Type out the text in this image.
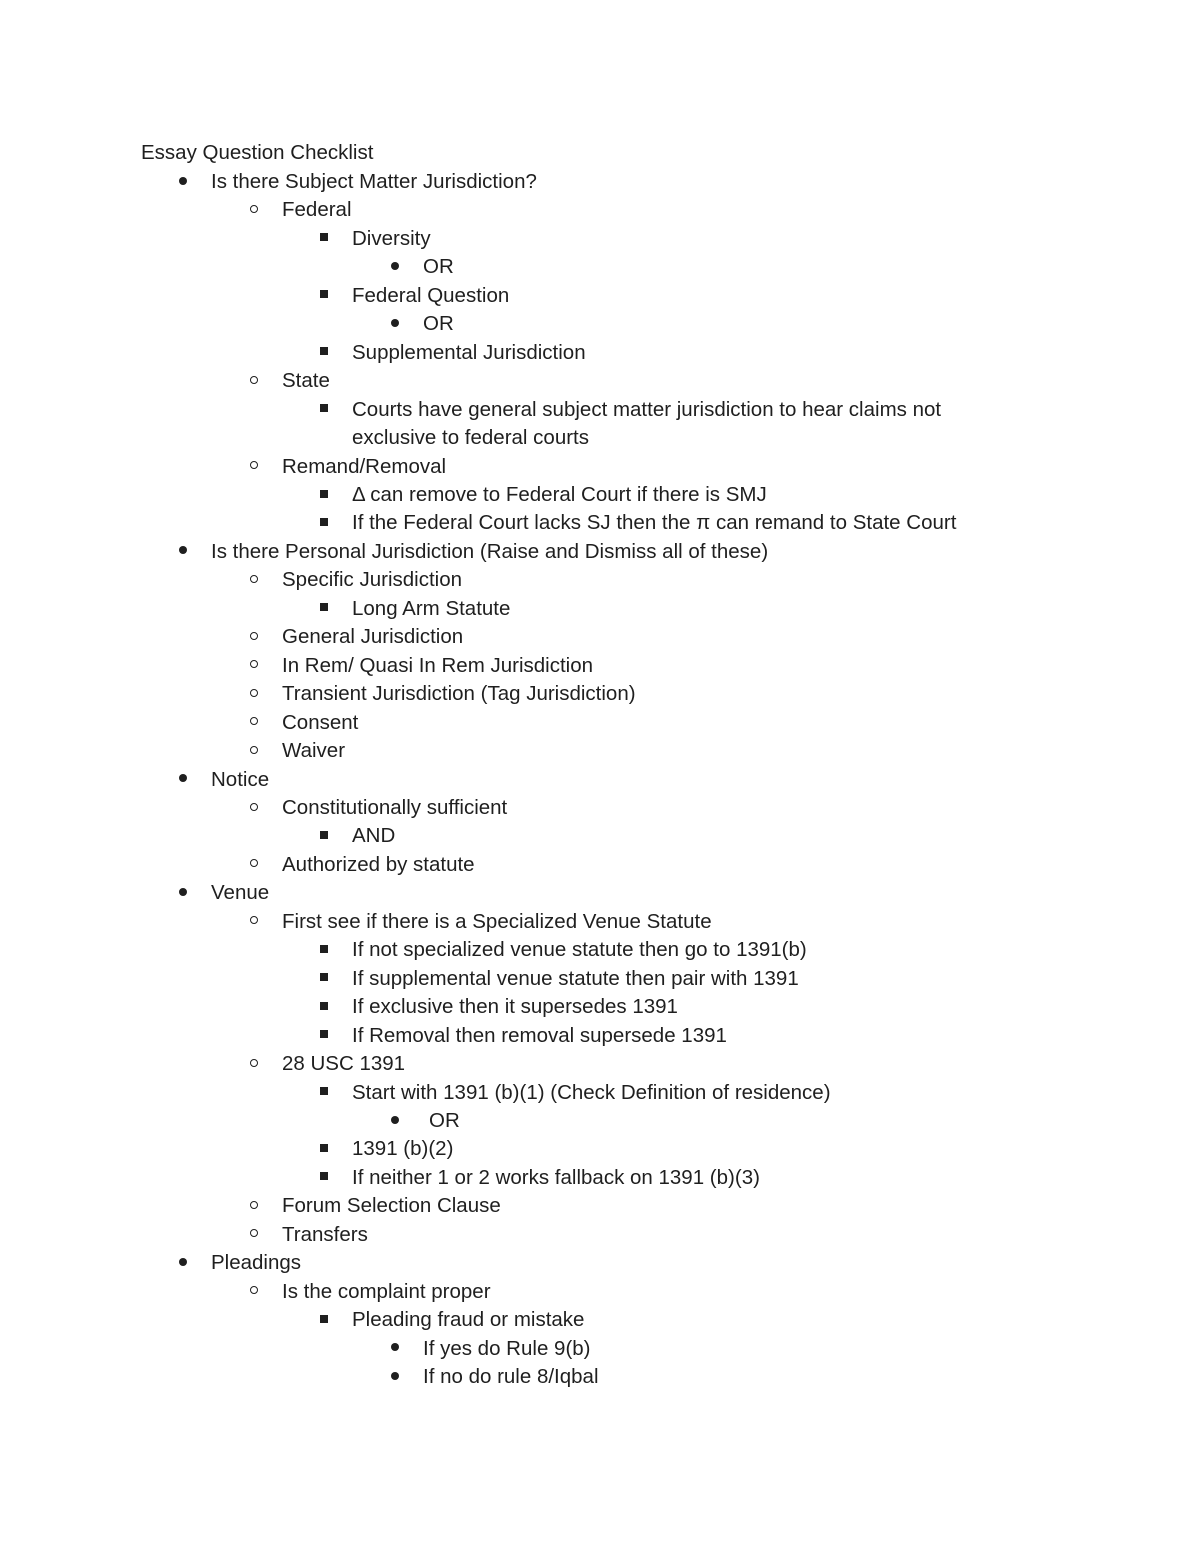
Essay Question Checklist
Is there Subject Matter Jurisdiction?
Federal
Diversity
OR
Federal Question
OR
Supplemental Jurisdiction
State
Courts have general subject matter jurisdiction to hear claims not exclusive to federal courts
Remand/Removal
Δ can remove to Federal Court if there is SMJ
If the Federal Court lacks SJ then the π can remand to State Court
Is there Personal Jurisdiction (Raise and Dismiss all of these)
Specific Jurisdiction
Long Arm Statute
General Jurisdiction
In Rem/ Quasi In Rem Jurisdiction
Transient Jurisdiction (Tag Jurisdiction)
Consent
Waiver
Notice
Constitutionally sufficient
AND
Authorized by statute
Venue
First see if there is a Specialized Venue Statute
If not specialized venue statute then go to 1391(b)
If supplemental venue statute then pair with 1391
If exclusive then it supersedes 1391
If Removal then removal supersede 1391
28 USC 1391
Start with 1391 (b)(1) (Check Definition of residence)
OR
1391 (b)(2)
If neither 1 or 2 works fallback on 1391 (b)(3)
Forum Selection Clause
Transfers
Pleadings
Is the complaint proper
Pleading fraud or mistake
If yes do Rule 9(b)
If no do rule 8/Iqbal
